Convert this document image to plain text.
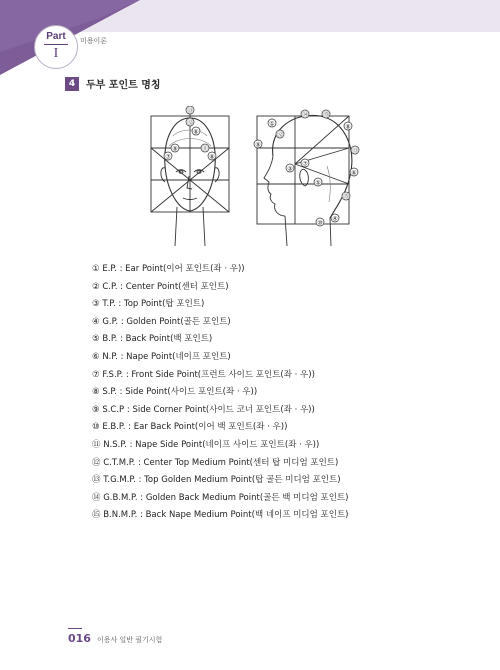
Part
I
미용이론
4	두부 포인트 명칭
⑬
⑫
⑥
⑦	⑧
⑨	⑪
⑭ ⑮
①	⑧
⑨
⑫
⑬
⑦
③
⑥
⑤
⑮
④
⑩
① E.P. : Ear Point(이어 포인트(좌 · 우))
② C.P. : Center Point(센터 포인트)
③ T.P. : Top Point(탑 포인트)
④ G.P. : Golden Point(골든 포인트)
⑤ B.P. : Back Point(백 포인트)
⑥ N.P. : Nape Point(네이프 포인트)
⑦ F.S.P. : Front Side Point(프런트 사이드 포인트(좌 · 우))
⑧ S.P. : Side Point(사이드 포인트(좌 · 우))
⑨ S.C.P : Side Corner Point(사이드 코너 포인트(좌 · 우))
⑩ E.B.P. : Ear Back Point(이어 백 포인트(좌 · 우))
⑪ N.S.P. : Nape Side Point(네이프 사이드 포인트(좌 · 우))
⑫ C.T.M.P. : Center Top Medium Point(센터 탑 미디엄 포인트)
⑬ T.G.M.P. : Top Golden Medium Point(탑 골든 미디엄 포인트)
⑭ G.B.M.P. : Golden Back Medium Point(골든 백 미디엄 포인트)
⑮ B.N.M.P. : Back Nape Medium Point(백 네이프 미디엄 포인트)
016 이용사 일반 필기시험
